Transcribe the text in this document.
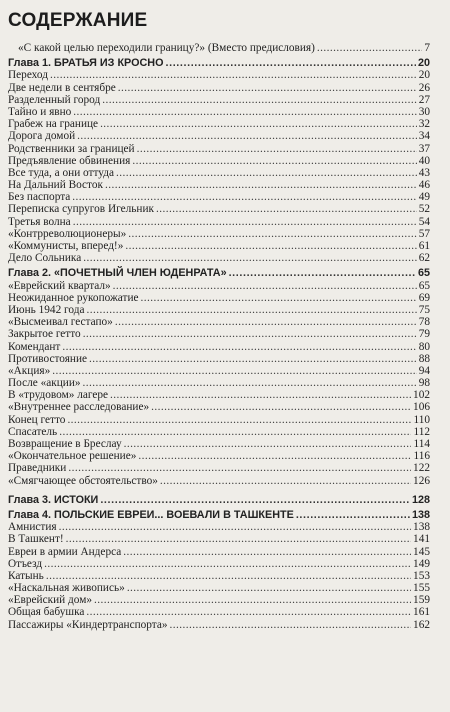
СОДЕРЖАНИЕ
«С какой целью переходили границу?» (Вместо предисловия) . . .	7
Глава 1. БРАТЬЯ ИЗ КРОСНО . . .	20
Переход . . .	20
Две недели в сентябре . . .	26
Разделенный город . . .	27
Тайно и явно . . .	30
Грабеж на границе . . .	32
Дорога домой . . .	34
Родственники за границей . . .	37
Предъявление обвинения . . .	40
Все туда, а они оттуда . . .	43
На Дальний Восток . . .	46
Без паспорта . . .	49
Переписка супругов Игельник . . .	52
Третья волна . . .	54
«Контрреволюционеры» . . .	57
«Коммунисты, вперед!» . . .	61
Дело Сольника . . .	62
Глава 2. «ПОЧЕТНЫЙ ЧЛЕН ЮДЕНРАТА» . . .	65
«Еврейский квартал» . . .	65
Неожиданное рукопожатие . . .	69
Июнь 1942 года . . .	75
«Высмеивал гестапо» . . .	78
Закрытое гетто . . .	79
Комендант . . .	80
Противостояние . . .	88
«Акция» . . .	94
После «акции» . . .	98
В «трудовом» лагере . . .	102
«Внутреннее расследование» . . .	106
Конец гетто . . .	110
Спасатель . . .	112
Возвращение в Бреслау . . .	114
«Окончательное решение» . . .	116
Праведники . . .	122
«Смягчающее обстоятельство» . . .	126
Глава 3. ИСТОКИ . . .	128
Глава 4. ПОЛЬСКИЕ ЕВРЕИ... ВОЕВАЛИ В ТАШКЕНТЕ . . .	138
Амнистия . . .	138
В Ташкент! . . .	141
Евреи в армии Андерса . . .	145
Отъезд . . .	149
Катынь . . .	153
«Наскальная живопись» . . .	155
«Еврейский дом» . . .	159
Общая бабушка . . .	161
Пассажиры «Киндертранспорта» . . .	162
